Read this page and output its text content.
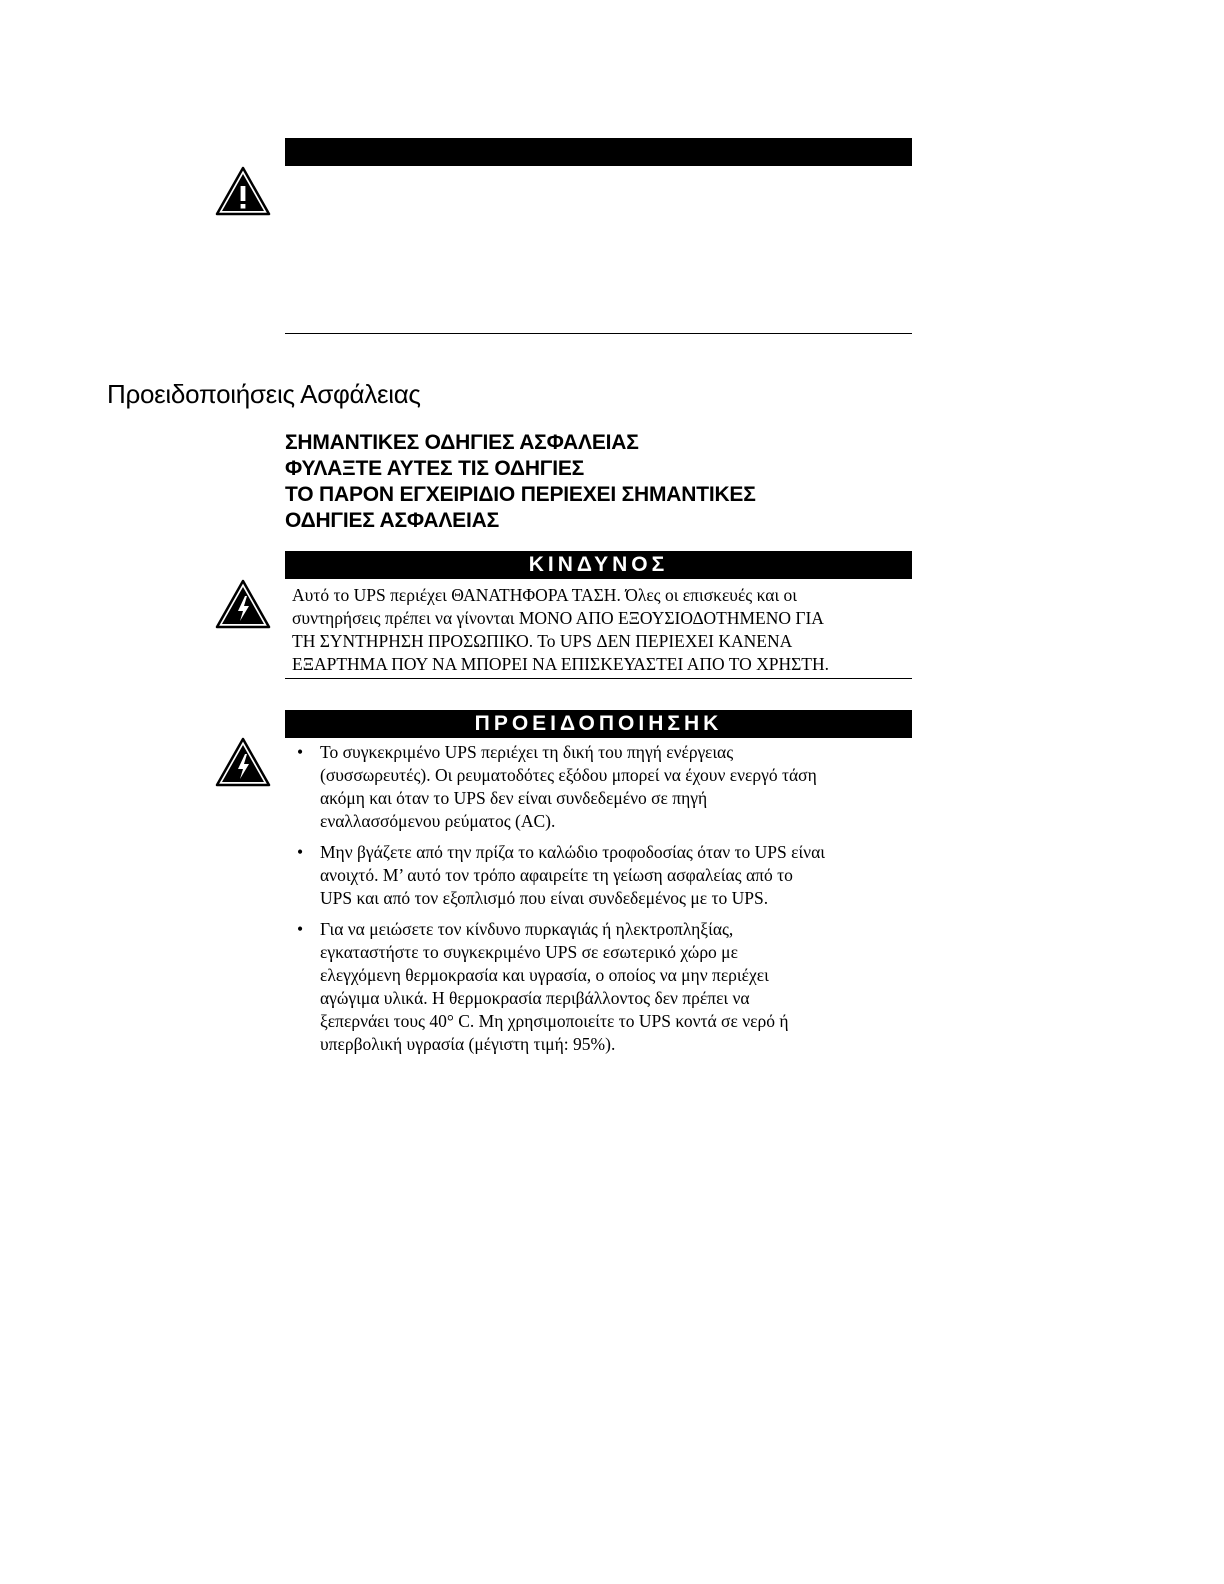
Προειδοποιήσεις Ασφάλειας
ΣΗΜΑΝΤΙΚΕΣ ΟΔΗΓΙΕΣ ΑΣΦΑΛΕΙΑΣ
ΦΥΛΑΞΤΕ ΑΥΤΕΣ ΤΙΣ ΟΔΗΓΙΕΣ
ΤΟ ΠΑΡΟΝ ΕΓΧΕΙΡΙΔΙΟ ΠΕΡΙΕΧΕΙ ΣΗΜΑΝΤΙΚΕΣ
ΟΔΗΓΙΕΣ ΑΣΦΑΛΕΙΑΣ
ΚΙΝΔΥΝΟΣ
Αυτό το UPS περιέχει ΘΑΝΑΤΗΦΟΡΑ ΤΑΣΗ. Όλες οι επισκευές και οι
συντηρήσεις πρέπει να γίνονται ΜΟΝΟ ΑΠΟ ΕΞΟΥΣΙΟΔΟΤΗΜΕΝΟ ΓΙΑ
ΤΗ ΣΥΝΤΗΡΗΣΗ ΠΡΟΣΩΠΙΚΟ. Το UPS ΔΕΝ ΠΕΡΙΕΧΕΙ ΚΑΝΕΝΑ
ΕΞΑΡΤΗΜΑ ΠΟΥ ΝΑ ΜΠΟΡΕΙ ΝΑ ΕΠΙΣΚΕΥΑΣΤΕΙ ΑΠΟ ΤΟ ΧΡΗΣΤΗ.
ΠΡΟΕΙΔΟΠΟΙΗΣΗΚ
• Το συγκεκριμένο UPS περιέχει τη δική του πηγή ενέργειας
(συσσωρευτές). Οι ρευματοδότες εξόδου μπορεί να έχουν ενεργό τάση
ακόμη και όταν το UPS δεν είναι συνδεδεμένο σε πηγή
εναλλασσόμενου ρεύματος (AC).
• Μην βγάζετε από την πρίζα το καλώδιο τροφοδοσίας όταν το UPS είναι
ανοιχτό. Μ’ αυτό τον τρόπο αφαιρείτε τη γείωση ασφαλείας από το
UPS και από τον εξοπλισμό που είναι συνδεδεμένος με το UPS.
• Για να μειώσετε τον κίνδυνο πυρκαγιάς ή ηλεκτροπληξίας,
εγκαταστήστε το συγκεκριμένο UPS σε εσωτερικό χώρο με
ελεγχόμενη θερμοκρασία και υγρασία, ο οποίος να μην περιέχει
αγώγιμα υλικά. Η θερμοκρασία περιβάλλοντος δεν πρέπει να
ξεπερνάει τους 40° C. Μη χρησιμοποιείτε το UPS κοντά σε νερό ή
υπερβολική υγρασία (μέγιστη τιμή: 95%).
